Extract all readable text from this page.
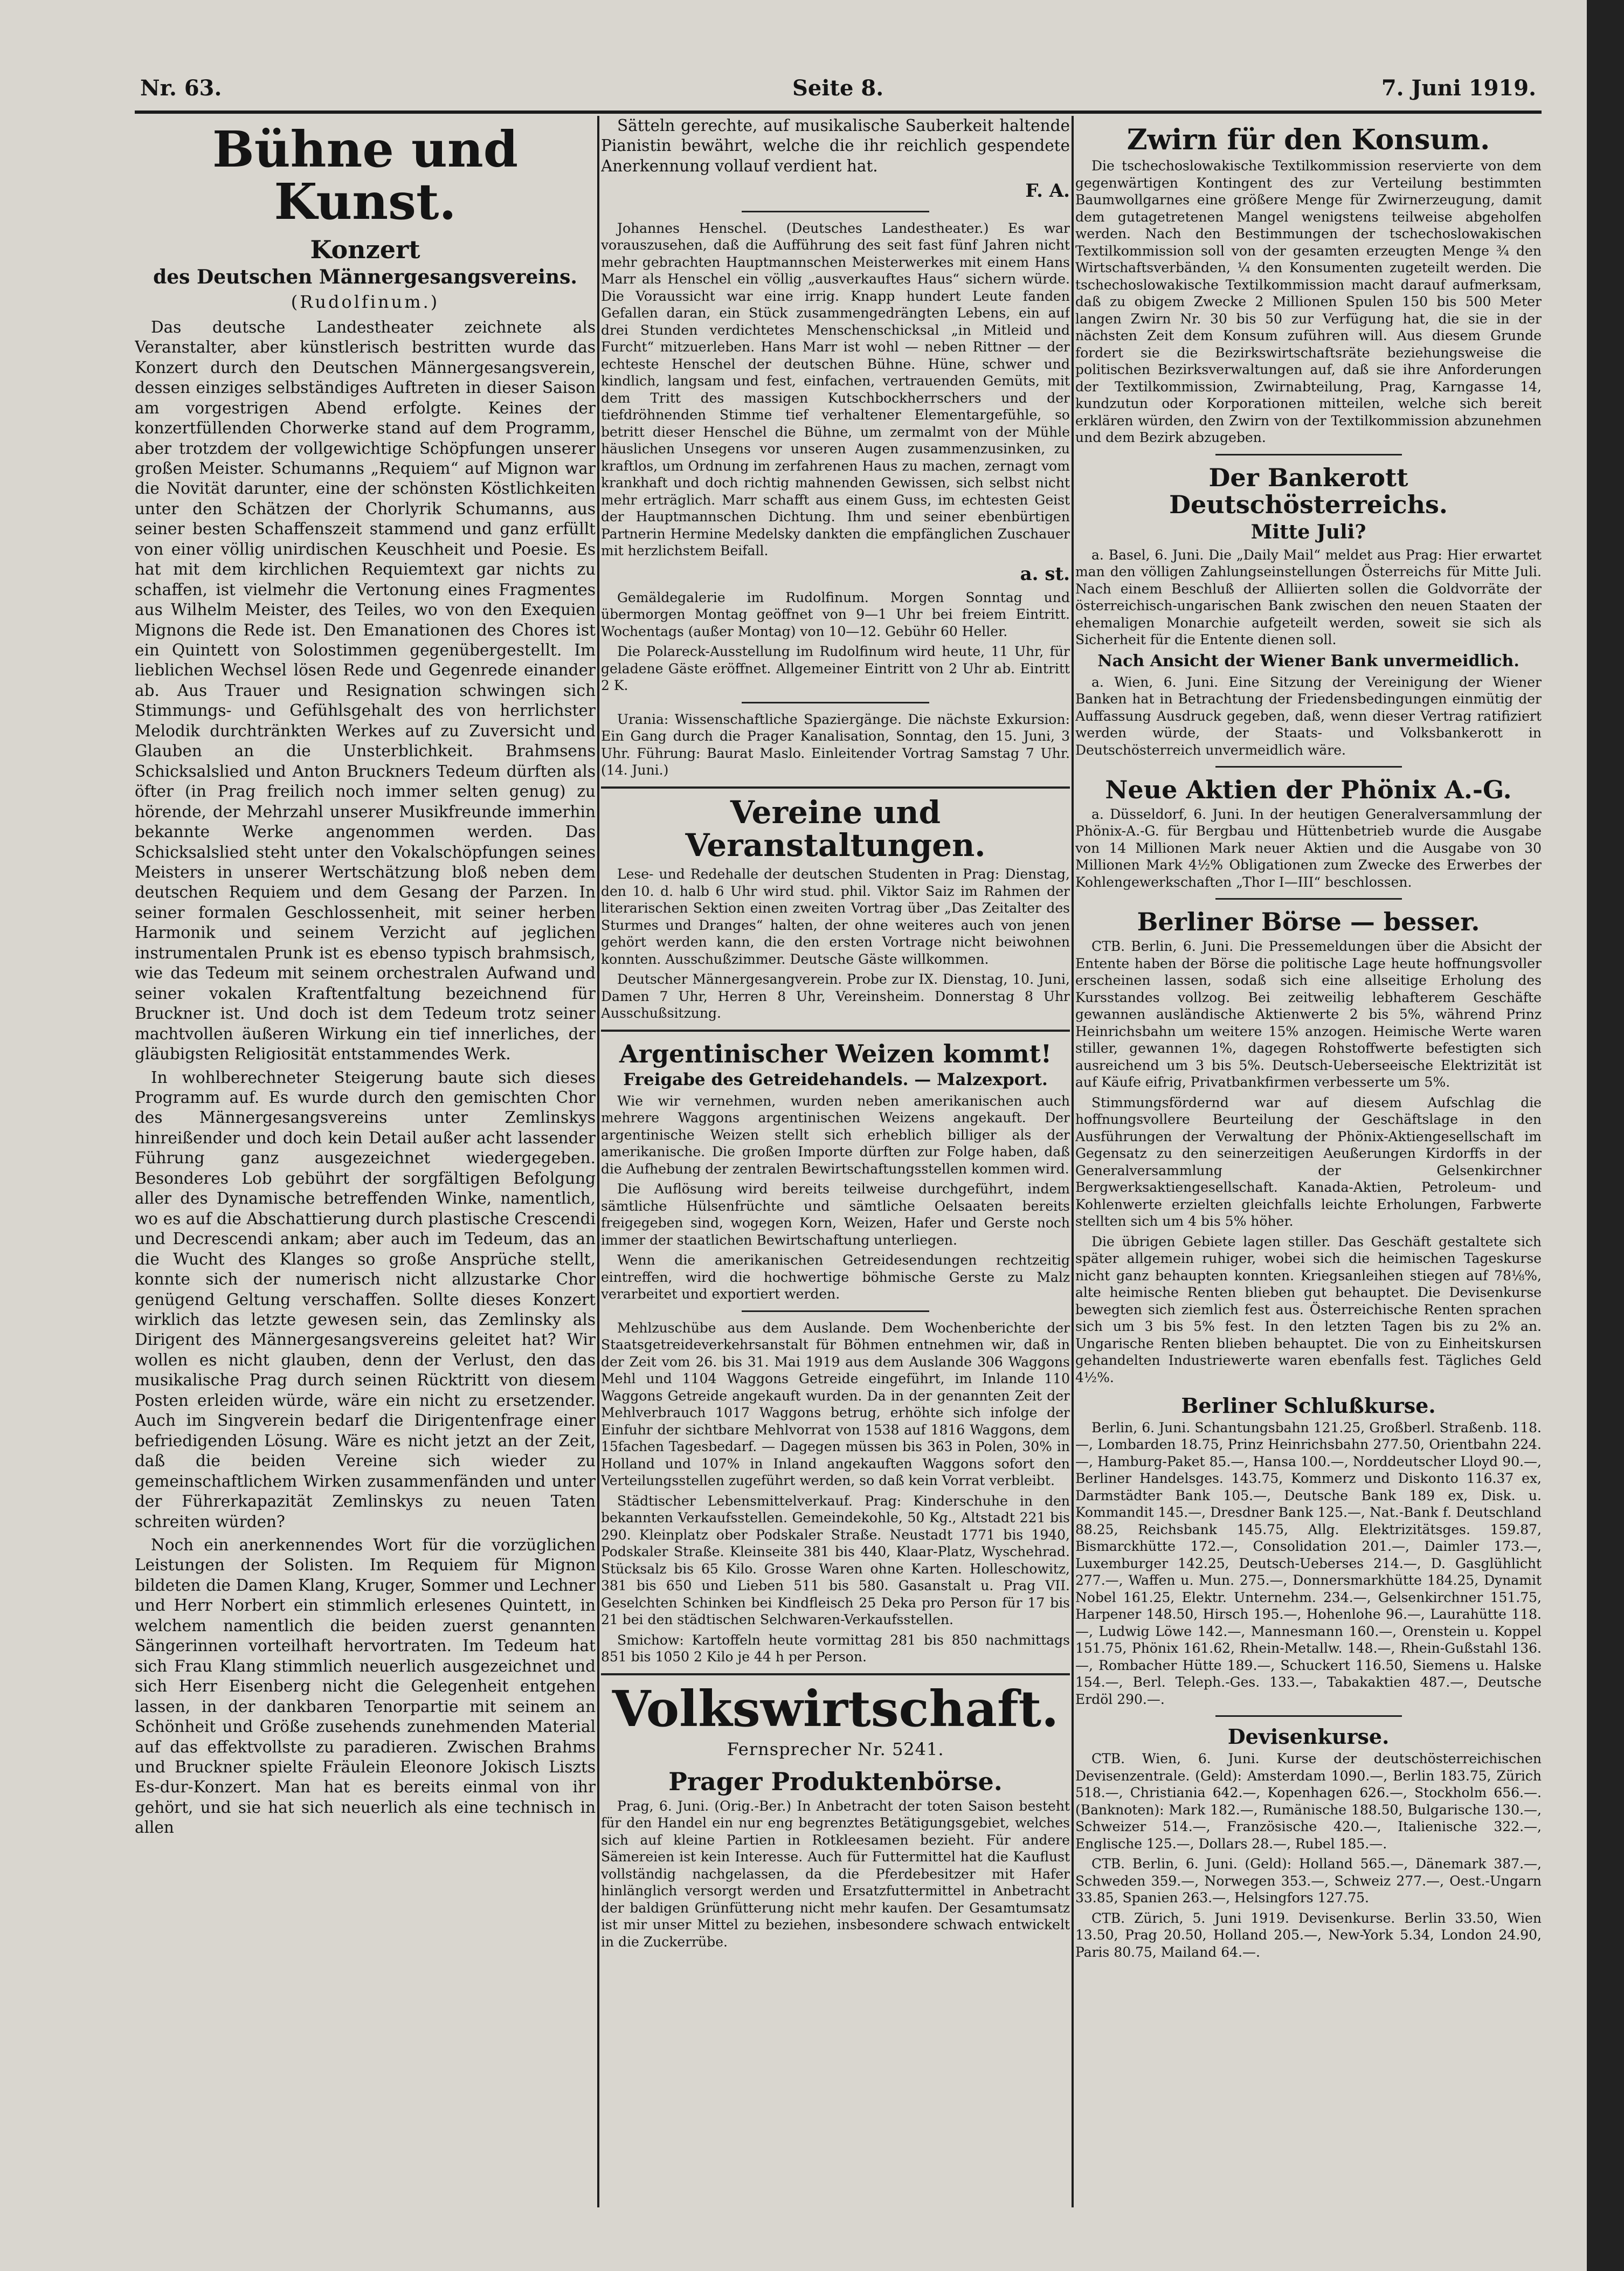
Nr. 63.	Seite 8.	7. Juni 1919.
Bühne und Kunst.
Konzert
des Deutschen Männergesangsvereins.
(Rudolfinum.)

Das deutsche Landestheater zeichnete als Veranstalter, aber künstlerisch bestritten wurde das Konzert durch den Deutschen Männergesangsverein, dessen einziges selbständiges Auftreten in dieser Saison am vorgestrigen Abend erfolgte. Keines der konzertfüllenden Chorwerke stand auf dem Programm, aber trotzdem der vollgewichtige Schöpfungen unserer großen Meister. Schumanns „Requiem“ auf Mignon war die Novität darunter, eine der schönsten Köstlichkeiten unter den Schätzen der Chorlyrik Schumanns, aus seiner besten Schaffenszeit stammend und ganz erfüllt von einer völlig unirdischen Keuschheit und Poesie. Es hat mit dem kirchlichen Requiemtext gar nichts zu schaffen, ist vielmehr die Vertonung eines Fragmentes aus Wilhelm Meister, des Teiles, wo von den Exequien Mignons die Rede ist. Den Emanationen des Chores ist ein Quintett von Solostimmen gegenübergestellt. Im lieblichen Wechsel lösen Rede und Gegenrede einander ab. Aus Trauer und Resignation schwingen sich Stimmungs- und Gefühlsgehalt des von herrlichster Melodik durchtränkten Werkes auf zu Zuversicht und Glauben an die Unsterblichkeit. Brahmsens Schicksalslied und Anton Bruckners Tedeum dürften als öfter (in Prag freilich noch immer selten genug) zu hörende, der Mehrzahl unserer Musikfreunde immerhin bekannte Werke angenommen werden. Das Schicksalslied steht unter den Vokalschöpfungen seines Meisters in unserer Wertschätzung bloß neben dem deutschen Requiem und dem Gesang der Parzen. In seiner formalen Geschlossenheit, mit seiner herben Harmonik und seinem Verzicht auf jeglichen instrumentalen Prunk ist es ebenso typisch brahmsisch, wie das Tedeum mit seinem orchestralen Aufwand und seiner vokalen Kraftentfaltung bezeichnend für Bruckner ist. Und doch ist dem Tedeum trotz seiner machtvollen äußeren Wirkung ein tief innerliches, der gläubigsten Religiosität entstammendes Werk.

In wohlberechneter Steigerung baute sich dieses Programm auf. Es wurde durch den gemischten Chor des Männergesangsvereins unter Zemlinskys hinreißender und doch kein Detail außer acht lassender Führung ganz ausgezeichnet wiedergegeben. Besonderes Lob gebührt der sorgfältigen Befolgung aller des Dynamische betreffenden Winke, namentlich, wo es auf die Abschattierung durch plastische Crescendi und Decrescendi ankam; aber auch im Tedeum, das an die Wucht des Klanges so große Ansprüche stellt, konnte sich der numerisch nicht allzustarke Chor genügend Geltung verschaffen. Sollte dieses Konzert wirklich das letzte gewesen sein, das Zemlinsky als Dirigent des Männergesangsvereins geleitet hat? Wir wollen es nicht glauben, denn der Verlust, den das musikalische Prag durch seinen Rücktritt von diesem Posten erleiden würde, wäre ein nicht zu ersetzender. Auch im Singverein bedarf die Dirigentenfrage einer befriedigenden Lösung. Wäre es nicht jetzt an der Zeit, daß die beiden Vereine sich wieder zu gemeinschaftlichem Wirken zusammenfänden und unter der Führerkapazität Zemlinskys zu neuen Taten schreiten würden?

Noch ein anerkennendes Wort für die vorzüglichen Leistungen der Solisten. Im Requiem für Mignon bildeten die Damen Klang, Kruger, Sommer und Lechner und Herr Norbert ein stimmlich erlesenes Quintett, in welchem namentlich die beiden zuerst genannten Sängerinnen vorteilhaft hervortraten. Im Tedeum hat sich Frau Klang stimmlich neuerlich ausgezeichnet und sich Herr Eisenberg nicht die Gelegenheit entgehen lassen, in der dankbaren Tenorpartie mit seinem an Schönheit und Größe zusehends zunehmenden Material auf das effektvollste zu paradieren. Zwischen Brahms und Bruckner spielte Fräulein Eleonore Jokisch Liszts Es-dur-Konzert. Man hat es bereits einmal von ihr gehört, und sie hat sich neuerlich als eine technisch in allen

Sätteln gerechte, auf musikalische Sauberkeit haltende Pianistin bewährt, welche die ihr reichlich gespendete Anerkennung vollauf verdient hat.

F. A.

Johannes Henschel. (Deutsches Landestheater.) Es war vorauszusehen, daß die Aufführung des seit fast fünf Jahren nicht mehr gebrachten Hauptmannschen Meisterwerkes mit einem Hans Marr als Henschel ein völlig „ausverkauftes Haus“ sichern würde. Die Voraussicht war eine irrig. Knapp hundert Leute fanden Gefallen daran, ein Stück zusammengedrängten Lebens, ein auf drei Stunden verdichtetes Menschenschicksal „in Mitleid und Furcht“ mitzuerleben. Hans Marr ist wohl — neben Rittner — der echteste Henschel der deutschen Bühne. Hüne, schwer und kindlich, langsam und fest, einfachen, vertrauenden Gemüts, mit dem Tritt des massigen Kutschbockherrschers und der tiefdröhnenden Stimme tief verhaltener Elementargefühle, so betritt dieser Henschel die Bühne, um zermalmt von der Mühle häuslichen Unsegens vor unseren Augen zusammenzusinken, zu kraftlos, um Ordnung im zerfahrenen Haus zu machen, zernagt vom krankhaft und doch richtig mahnenden Gewissen, sich selbst nicht mehr erträglich. Marr schafft aus einem Guss, im echtesten Geist der Hauptmannschen Dichtung. Ihm und seiner ebenbürtigen Partnerin Hermine Medelsky dankten die empfänglichen Zuschauer mit herzlichstem Beifall.

a. st.

Gemäldegalerie im Rudolfinum. Morgen Sonntag und übermorgen Montag geöffnet von 9—1 Uhr bei freiem Eintritt. Wochentags (außer Montag) von 10—12. Gebühr 60 Heller.

Die Polareck-Ausstellung im Rudolfinum wird heute, 11 Uhr, für geladene Gäste eröffnet. Allgemeiner Eintritt von 2 Uhr ab. Eintritt 2 K.

Urania: Wissenschaftliche Spaziergänge. Die nächste Exkursion: Ein Gang durch die Prager Kanalisation, Sonntag, den 15. Juni, 3 Uhr. Führung: Baurat Maslo. Einleitender Vortrag Samstag 7 Uhr. (14. Juni.)

Vereine und Veranstaltungen.

Lese- und Redehalle der deutschen Studenten in Prag: Dienstag, den 10. d. halb 6 Uhr wird stud. phil. Viktor Saiz im Rahmen der literarischen Sektion einen zweiten Vortrag über „Das Zeitalter des Sturmes und Dranges“ halten, der ohne weiteres auch von jenen gehört werden kann, die den ersten Vortrage nicht beiwohnen konnten. Ausschußzimmer. Deutsche Gäste willkommen.

Deutscher Männergesangverein. Probe zur IX. Dienstag, 10. Juni, Damen 7 Uhr, Herren 8 Uhr, Vereinsheim. Donnerstag 8 Uhr Ausschußsitzung.

Argentinischer Weizen kommt!
Freigabe des Getreidehandels. — Malzexport.

Wie wir vernehmen, wurden neben amerikanischen auch mehrere Waggons argentinischen Weizens angekauft. Der argentinische Weizen stellt sich erheblich billiger als der amerikanische. Die großen Importe dürften zur Folge haben, daß die Aufhebung der zentralen Bewirtschaftungsstellen kommen wird.

Die Auflösung wird bereits teilweise durchgeführt, indem sämtliche Hülsenfrüchte und sämtliche Oelsaaten bereits freigegeben sind, wogegen Korn, Weizen, Hafer und Gerste noch immer der staatlichen Bewirtschaftung unterliegen.

Wenn die amerikanischen Getreidesendungen rechtzeitig eintreffen, wird die hochwertige böhmische Gerste zu Malz verarbeitet und exportiert werden.

Mehlzuschübe aus dem Auslande. Dem Wochenberichte der Staatsgetreideverkehrsanstalt für Böhmen entnehmen wir, daß in der Zeit vom 26. bis 31. Mai 1919 aus dem Auslande 306 Waggons Mehl und 1104 Waggons Getreide eingeführt, im Inlande 110 Waggons Getreide angekauft wurden. Da in der genannten Zeit der Mehlverbrauch 1017 Waggons betrug, erhöhte sich infolge der Einfuhr der sichtbare Mehlvorrat von 1538 auf 1816 Waggons, dem 15fachen Tagesbedarf. — Dagegen müssen bis 363 in Polen, 30% in Holland und 107% in Inland angekauften Waggons sofort den Verteilungsstellen zugeführt werden, so daß kein Vorrat verbleibt.

Städtischer Lebensmittelverkauf. Prag: Kinderschuhe in den bekannten Verkaufsstellen. Gemeindekohle, 50 Kg., Altstadt 221 bis 290. Kleinplatz ober Podskaler Straße. Neustadt 1771 bis 1940, Podskaler Straße. Kleinseite 381 bis 440, Klaar-Platz, Wyschehrad. Stücksalz bis 65 Kilo. Grosse Waren ohne Karten. Holleschowitz, 381 bis 650 und Lieben 511 bis 580. Gasanstalt u. Prag VII. Geselchten Schinken bei Kindfleisch 25 Deka pro Person für 17 bis 21 bei den städtischen Selchwaren-Verkaufsstellen.

Smichow: Kartoffeln heute vormittag 281 bis 850 nachmittags 851 bis 1050 2 Kilo je 44 h per Person.

Volkswirtschaft.
Fernsprecher Nr. 5241.
Prager Produktenbörse.

Prag, 6. Juni. (Orig.-Ber.) In Anbetracht der toten Saison besteht für den Handel ein nur eng begrenztes Betätigungsgebiet, welches sich auf kleine Partien in Rotkleesamen bezieht. Für andere Sämereien ist kein Interesse. Auch für Futtermittel hat die Kauflust vollständig nachgelassen, da die Pferdebesitzer mit Hafer hinlänglich versorgt werden und Ersatzfuttermittel in Anbetracht der baldigen Grünfütterung nicht mehr kaufen. Der Gesamtumsatz ist mir unser Mittel zu beziehen, insbesondere schwach entwickelt in die Zuckerrübe.

Zwirn für den Konsum.

Die tschechoslowakische Textilkommission reservierte von dem gegenwärtigen Kontingent des zur Verteilung bestimmten Baumwollgarnes eine größere Menge für Zwirnerzeugung, damit dem gutagetretenen Mangel wenigstens teilweise abgeholfen werden. Nach den Bestimmungen der tschechoslowakischen Textilkommission soll von der gesamten erzeugten Menge ¾ den Wirtschaftsverbänden, ¼ den Konsumenten zugeteilt werden. Die tschechoslowakische Textilkommission macht darauf aufmerksam, daß zu obigem Zwecke 2 Millionen Spulen 150 bis 500 Meter langen Zwirn Nr. 30 bis 50 zur Verfügung hat, die sie in der nächsten Zeit dem Konsum zuführen will. Aus diesem Grunde fordert sie die Bezirkswirtschaftsräte beziehungsweise die politischen Bezirksverwaltungen auf, daß sie ihre Anforderungen der Textilkommission, Zwirnabteilung, Prag, Karngasse 14, kundzutun oder Korporationen mitteilen, welche sich bereit erklären würden, den Zwirn von der Textilkommission abzunehmen und dem Bezirk abzugeben.

Der Bankerott Deutschösterreichs.
Mitte Juli?

a. Basel, 6. Juni. Die „Daily Mail“ meldet aus Prag: Hier erwartet man den völligen Zahlungseinstellungen Österreichs für Mitte Juli. Nach einem Beschluß der Alliierten sollen die Goldvorräte der österreichisch-ungarischen Bank zwischen den neuen Staaten der ehemaligen Monarchie aufgeteilt werden, soweit sie sich als Sicherheit für die Entente dienen soll.

Nach Ansicht der Wiener Bank unvermeidlich.

a. Wien, 6. Juni. Eine Sitzung der Vereinigung der Wiener Banken hat in Betrachtung der Friedensbedingungen einmütig der Auffassung Ausdruck gegeben, daß, wenn dieser Vertrag ratifiziert werden würde, der Staats- und Volksbankerott in Deutschösterreich unvermeidlich wäre.

Neue Aktien der Phönix A.-G.

a. Düsseldorf, 6. Juni. In der heutigen Generalversammlung der Phönix-A.-G. für Bergbau und Hüttenbetrieb wurde die Ausgabe von 14 Millionen Mark neuer Aktien und die Ausgabe von 30 Millionen Mark 4½% Obligationen zum Zwecke des Erwerbes der Kohlengewerkschaften „Thor I—III“ beschlossen.

Berliner Börse — besser.

CTB. Berlin, 6. Juni. Die Pressemeldungen über die Absicht der Entente haben der Börse die politische Lage heute hoffnungsvoller erscheinen lassen, sodaß sich eine allseitige Erholung des Kursstandes vollzog. Bei zeitweilig lebhafterem Geschäfte gewannen ausländische Aktienwerte 2 bis 5%, während Prinz Heinrichsbahn um weitere 15% anzogen. Heimische Werte waren stiller, gewannen 1%, dagegen Rohstoffwerte befestigten sich ausreichend um 3 bis 5%. Deutsch-Ueberseeische Elektrizität ist auf Käufe eifrig, Privatbankfirmen verbesserte um 5%.

Stimmungsfördernd war auf diesem Aufschlag die hoffnungsvollere Beurteilung der Geschäftslage in den Ausführungen der Verwaltung der Phönix-Aktiengesellschaft im Gegensatz zu den seinerzeitigen Aeußerungen Kirdorffs in der Generalversammlung der Gelsenkirchner Bergwerksaktiengesellschaft. Kanada-Aktien, Petroleum- und Kohlenwerte erzielten gleichfalls leichte Erholungen, Farbwerte stellten sich um 4 bis 5% höher.

Die übrigen Gebiete lagen stiller. Das Geschäft gestaltete sich später allgemein ruhiger, wobei sich die heimischen Tageskurse nicht ganz behaupten konnten. Kriegsanleihen stiegen auf 78⅛%, alte heimische Renten blieben gut behauptet. Die Devisenkurse bewegten sich ziemlich fest aus. Österreichische Renten sprachen sich um 3 bis 5% fest. In den letzten Tagen bis zu 2% an. Ungarische Renten blieben behauptet. Die von zu Einheitskursen gehandelten Industriewerte waren ebenfalls fest. Tägliches Geld 4½%.

Berliner Schlußkurse.

Berlin, 6. Juni. Schantungsbahn 121.25, Großberl. Straßenb. 118.—, Lombarden 18.75, Prinz Heinrichsbahn 277.50, Orientbahn 224.—, Hamburg-Paket 85.—, Hansa 100.—, Norddeutscher Lloyd 90.—, Berliner Handelsges. 143.75, Kommerz und Diskonto 116.37 ex, Darmstädter Bank 105.—, Deutsche Bank 189 ex, Disk. u. Kommandit 145.—, Dresdner Bank 125.—, Nat.-Bank f. Deutschland 88.25, Reichsbank 145.75, Allg. Elektrizitätsges. 159.87, Bismarckhütte 172.—, Consolidation 201.—, Daimler 173.—, Luxemburger 142.25, Deutsch-Ueberses 214.—, D. Gasglühlicht 277.—, Waffen u. Mun. 275.—, Donnersmarkhütte 184.25, Dynamit Nobel 161.25, Elektr. Unternehm. 234.—, Gelsenkirchner 151.75, Harpener 148.50, Hirsch 195.—, Hohenlohe 96.—, Laurahütte 118.—, Ludwig Löwe 142.—, Mannesmann 160.—, Orenstein u. Koppel 151.75, Phönix 161.62, Rhein-Metallw. 148.—, Rhein-Gußstahl 136.—, Rombacher Hütte 189.—, Schuckert 116.50, Siemens u. Halske 154.—, Berl. Teleph.-Ges. 133.—, Tabakaktien 487.—, Deutsche Erdöl 290.—.

Devisenkurse.

CTB. Wien, 6. Juni. Kurse der deutschösterreichischen Devisenzentrale. (Geld): Amsterdam 1090.—, Berlin 183.75, Zürich 518.—, Christiania 642.—, Kopenhagen 626.—, Stockholm 656.—. (Banknoten): Mark 182.—, Rumänische 188.50, Bulgarische 130.—, Schweizer 514.—, Französische 420.—, Italienische 322.—, Englische 125.—, Dollars 28.—, Rubel 185.—.

CTB. Berlin, 6. Juni. (Geld): Holland 565.—, Dänemark 387.—, Schweden 359.—, Norwegen 353.—, Schweiz 277.—, Oest.-Ungarn 33.85, Spanien 263.—, Helsingfors 127.75.

CTB. Zürich, 5. Juni 1919. Devisenkurse. Berlin 33.50, Wien 13.50, Prag 20.50, Holland 205.—, New-York 5.34, London 24.90, Paris 80.75, Mailand 64.—.
